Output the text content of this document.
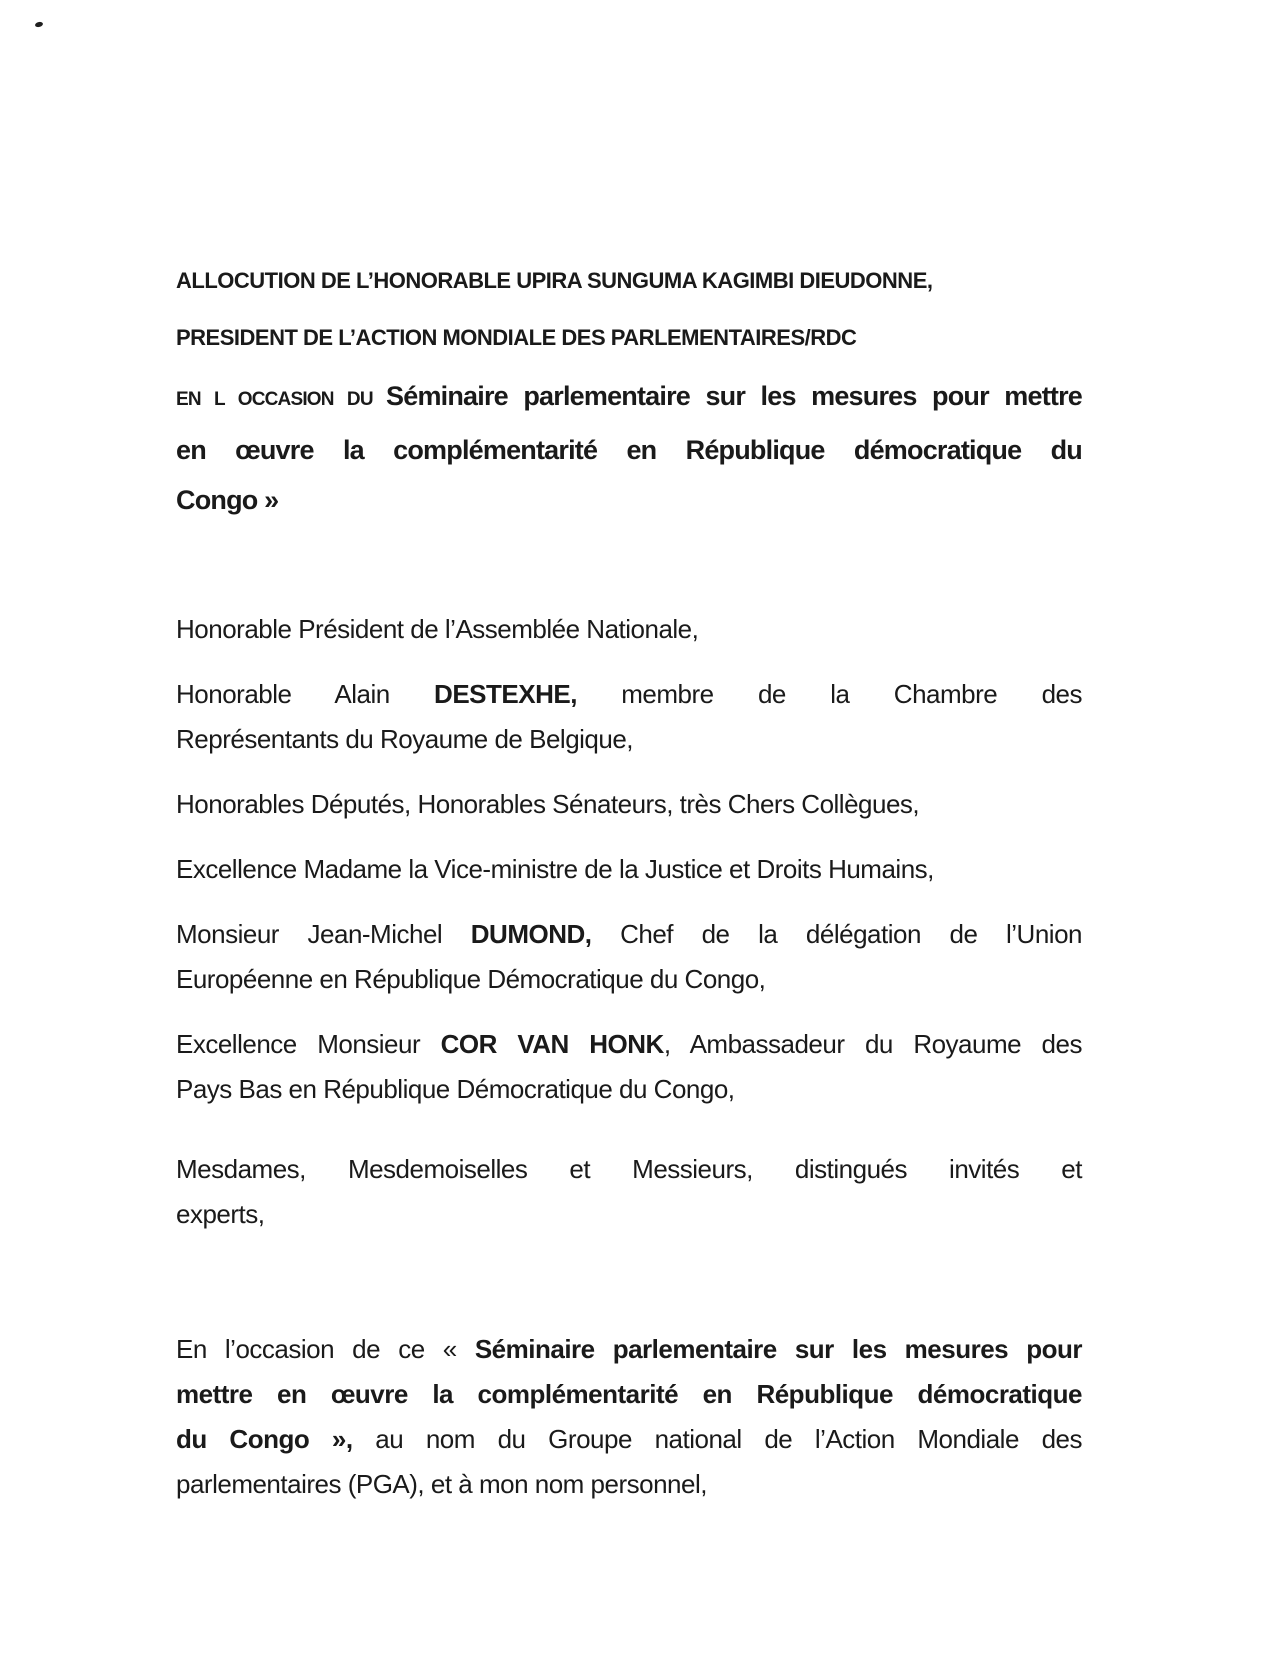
ALLOCUTION DE L’HONORABLE UPIRA SUNGUMA KAGIMBI DIEUDONNE,

PRESIDENT DE L’ACTION MONDIALE DES PARLEMENTAIRES/RDC

EN L OCCASION DU Séminaire parlementaire sur les mesures pour mettre
en œuvre la complémentarité en République démocratique du
Congo »
Honorable Président de l’Assemblée Nationale,
Honorable Alain DESTEXHE, membre de la Chambre des
Représentants du Royaume de Belgique,
Honorables Députés, Honorables Sénateurs, très Chers Collègues,
Excellence Madame la Vice-ministre de la Justice et Droits Humains,
Monsieur Jean-Michel DUMOND, Chef de la délégation de l’Union
Européenne en République Démocratique du Congo,
Excellence Monsieur COR VAN HONK, Ambassadeur du Royaume des
Pays Bas en République Démocratique du Congo,
Mesdames, Mesdemoiselles et Messieurs, distingués invités et
experts,
En l’occasion de ce « Séminaire parlementaire sur les mesures pour
mettre en œuvre la complémentarité en République démocratique
du Congo », au nom du Groupe national de l’Action Mondiale des
parlementaires (PGA), et à mon nom personnel,
